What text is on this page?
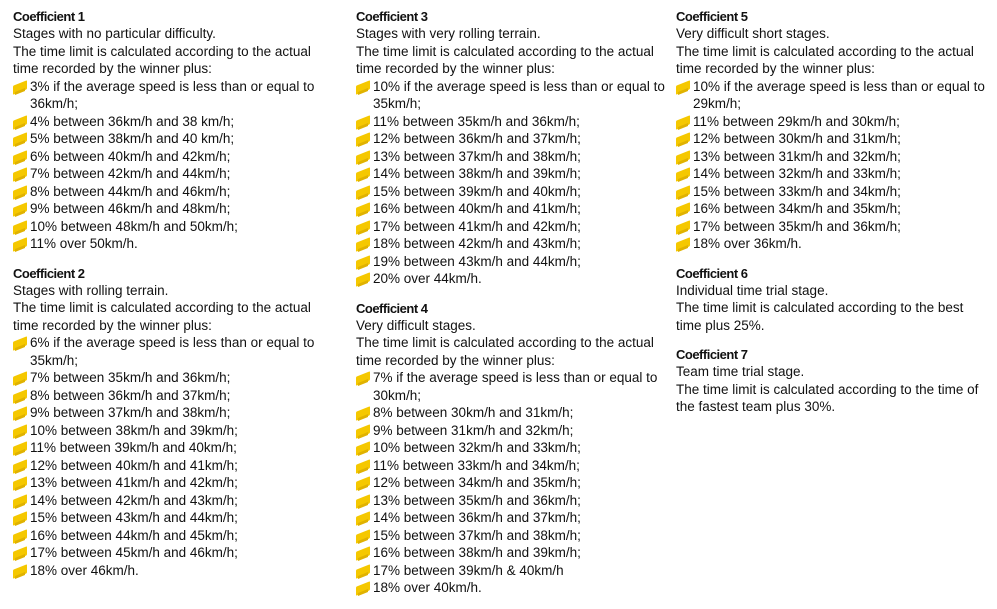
Coefficient 1
Stages with no particular difficulty.
The time limit is calculated according to the actual time recorded by the winner plus:
3% if the average speed is less than or equal to 36km/h;
4% between 36km/h and 38 km/h;
5% between 38km/h and 40 km/h;
6% between 40km/h and 42km/h;
7% between 42km/h and 44km/h;
8% between 44km/h and 46km/h;
9% between 46km/h and 48km/h;
10% between 48km/h and 50km/h;
11% over 50km/h.
Coefficient 2
Stages with rolling terrain.
The time limit is calculated according to the actual time recorded by the winner plus:
6% if the average speed is less than or equal to 35km/h;
7% between 35km/h and 36km/h;
8% between 36km/h and 37km/h;
9% between 37km/h and 38km/h;
10% between 38km/h and 39km/h;
11% between 39km/h and 40km/h;
12% between 40km/h and 41km/h;
13% between 41km/h and 42km/h;
14% between 42km/h and 43km/h;
15% between 43km/h and 44km/h;
16% between 44km/h and 45km/h;
17% between 45km/h and 46km/h;
18% over 46km/h.
Coefficient 3
Stages with very rolling terrain.
The time limit is calculated according to the actual time recorded by the winner plus:
10% if the average speed is less than or equal to 35km/h;
11% between 35km/h and 36km/h;
12% between 36km/h and 37km/h;
13% between 37km/h and 38km/h;
14% between 38km/h and 39km/h;
15% between 39km/h and 40km/h;
16% between 40km/h and 41km/h;
17% between 41km/h and 42km/h;
18% between 42km/h and 43km/h;
19% between 43km/h and 44km/h;
20% over 44km/h.
Coefficient 4
Very difficult stages.
The time limit is calculated according to the actual time recorded by the winner plus:
7% if the average speed is less than or equal to 30km/h;
8% between 30km/h and 31km/h;
9% between 31km/h and 32km/h;
10% between 32km/h and 33km/h;
11% between 33km/h and 34km/h;
12% between 34km/h and 35km/h;
13% between 35km/h and 36km/h;
14% between 36km/h and 37km/h;
15% between 37km/h and 38km/h;
16% between 38km/h and 39km/h;
17% between 39km/h & 40km/h
18% over 40km/h.
Coefficient 5
Very difficult short stages.
The time limit is calculated according to the actual time recorded by the winner plus:
10% if the average speed is less than or equal to 29km/h;
11% between 29km/h and 30km/h;
12% between 30km/h and 31km/h;
13% between 31km/h and 32km/h;
14% between 32km/h and 33km/h;
15% between 33km/h and 34km/h;
16% between 34km/h and 35km/h;
17% between 35km/h and 36km/h;
18% over 36km/h.
Coefficient 6
Individual time trial stage.
The time limit is calculated according to the best time plus 25%.
Coefficient 7
Team time trial stage.
The time limit is calculated according to the time of the fastest team plus 30%.
